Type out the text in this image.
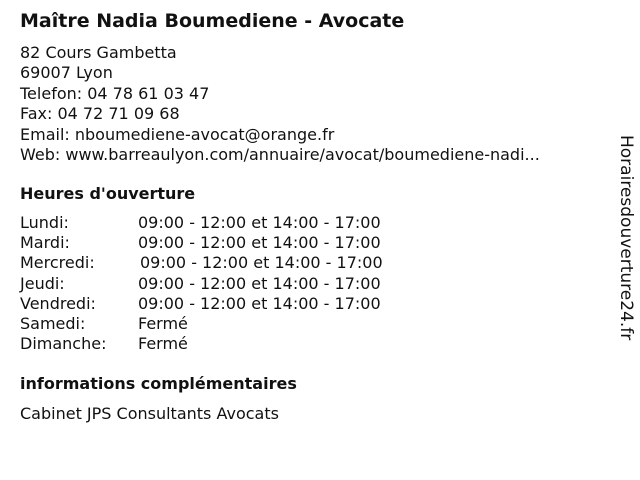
Maître Nadia Boumediene - Avocate
82 Cours Gambetta
69007 Lyon
Telefon: 04 78 61 03 47
Fax: 04 72 71 09 68
Email: nboumediene-avocat@orange.fr
Web: www.barreaulyon.com/annuaire/avocat/boumediene-nadi...
Heures d'ouverture
Lundi:	09:00 - 12:00 et 14:00 - 17:00
Mardi:	09:00 - 12:00 et 14:00 - 17:00
Mercredi:	09:00 - 12:00 et 14:00 - 17:00
Jeudi:	09:00 - 12:00 et 14:00 - 17:00
Vendredi:	09:00 - 12:00 et 14:00 - 17:00
Samedi:	Fermé
Dimanche: Fermé
informations complémentaires
Cabinet JPS Consultants Avocats
Horairesdouverture24.fr
